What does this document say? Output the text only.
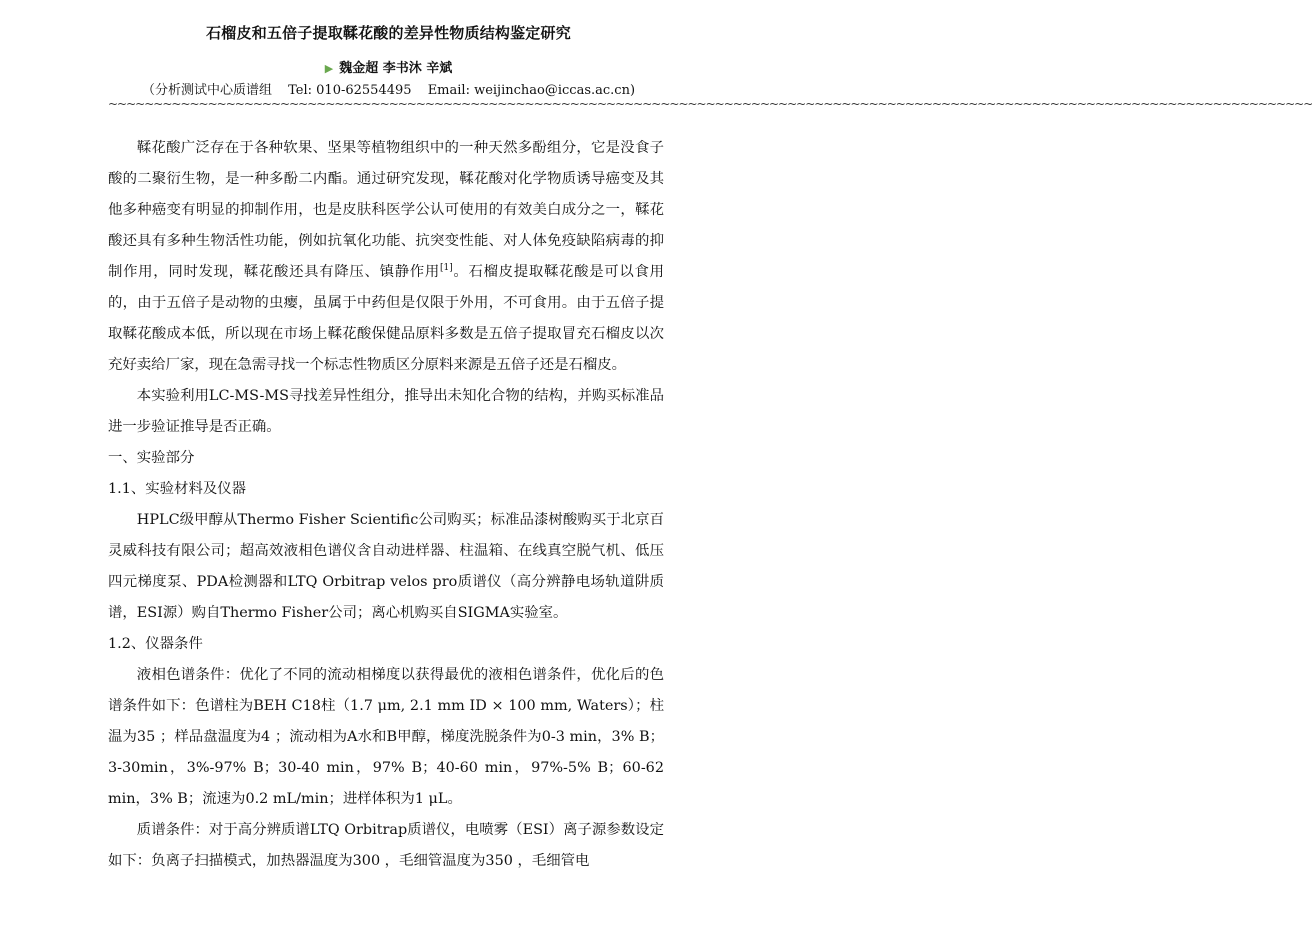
石榴皮和五倍子提取鞣花酸的差异性物质结构鉴定研究
▶ 魏金超 李书沐 辛斌
（分析测试中心质谱组 Tel: 010-62554495 Email: weijinchao@iccas.ac.cn)
~~~~~~~~~~~~~~~~~~~~~~~~~~~~~~~~~~~~~~~~~~~~~~~~~~~~~~~~~~~~~~~~~~~~~~~~~~~~~~~~~~~~~~~~~~~~~~~~~~~~~~~~~~~~~~~~~~~~~~~~~~~~~~~~~~~~~

鞣花酸广泛存在于各种软果、坚果等植物组织中的一种天然多酚组分，它是没食子酸的二聚衍生物，是一种多酚二内酯。通过研究发现，鞣花酸对化学物质诱导癌变及其他多种癌变有明显的抑制作用，也是皮肤科医学公认可使用的有效美白成分之一，鞣花酸还具有多种生物活性功能，例如抗氧化功能、抗突变性能、对人体免疫缺陷病毒的抑制作用，同时发现，鞣花酸还具有降压、镇静作用[1]。石榴皮提取鞣花酸是可以食用的，由于五倍子是动物的虫瘿，虽属于中药但是仅限于外用，不可食用。由于五倍子提取鞣花酸成本低，所以现在市场上鞣花酸保健品原料多数是五倍子提取冒充石榴皮以次充好卖给厂家，现在急需寻找一个标志性物质区分原料来源是五倍子还是石榴皮。

本实验利用LC-MS-MS寻找差异性组分，推导出未知化合物的结构，并购买标准品进一步验证推导是否正确。

一、实验部分

1.1、实验材料及仪器

HPLC级甲醇从Thermo Fisher Scientific公司购买；标准品漆树酸购买于北京百灵威科技有限公司；超高效液相色谱仪含自动进样器、柱温箱、在线真空脱气机、低压四元梯度泵、PDA检测器和LTQ Orbitrap velos pro质谱仪（高分辨静电场轨道阱质谱，ESI源）购自Thermo Fisher公司；离心机购买自SIGMA实验室。

1.2、仪器条件

液相色谱条件：优化了不同的流动相梯度以获得最优的液相色谱条件，优化后的色谱条件如下：色谱柱为BEH C18柱（1.7 μm, 2.1 mm ID × 100 mm, Waters）；柱温为35 ；样品盘温度为4 ；流动相为A水和B甲醇，梯度洗脱条件为0-3 min，3% B；3-30min，3%-97% B；30-40 min，97% B；40-60 min，97%-5% B；60-62 min，3% B；流速为0.2 mL/min；进样体积为1 μL。

质谱条件：对于高分辨质谱LTQ Orbitrap质谱仪，电喷雾（ESI）离子源参数设定如下：负离子扫描模式，加热器温度为300 ，毛细管温度为350 ，毛细管电
